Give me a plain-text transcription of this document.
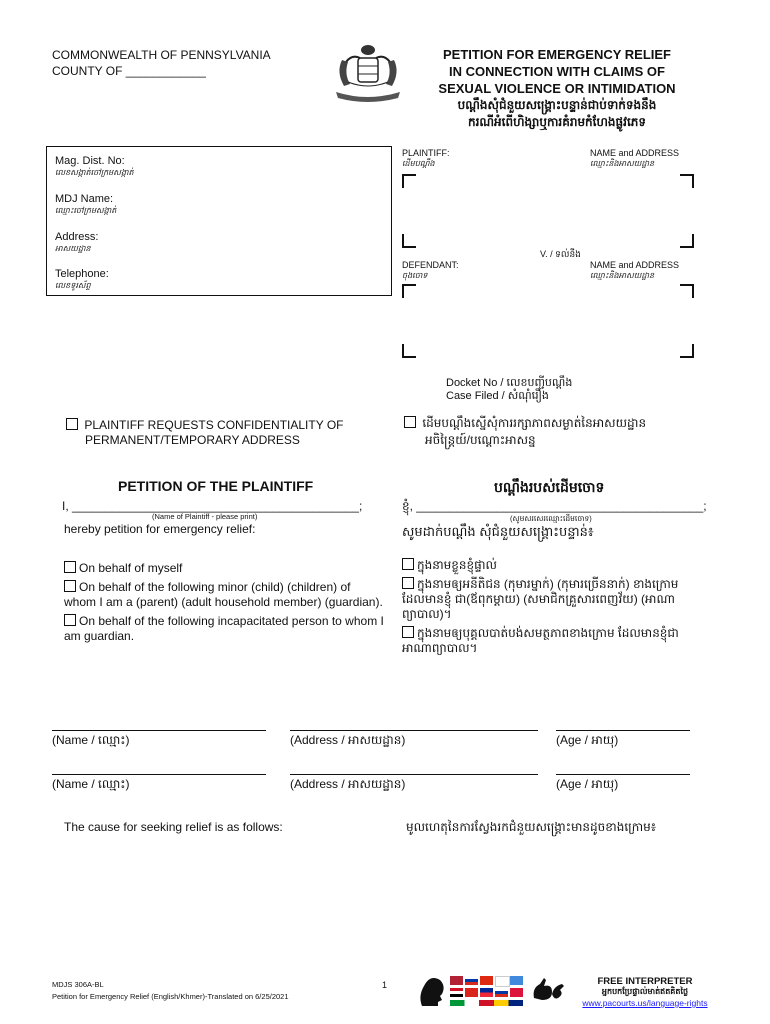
COMMONWEALTH OF PENNSYLVANIA
COUNTY OF ____________
PETITION FOR EMERGENCY RELIEF
IN CONNECTION WITH CLAIMS OF
SEXUAL VIOLENCE OR INTIMIDATION
បណ្តឹងសុំជំនួយសង្គ្រោះបន្ទាន់ជាប់ទាក់ទងនឹង
ករណីអំពើហិង្សាឬការគំរាមកំហែងផ្លូវភេទ
Mag. Dist. No:
លេខសង្កាត់ចៅក្រមសង្កាត់
MDJ Name:
ឈ្មោះចៅក្រមសង្កាត់
Address:
អាសយដ្ឋាន
Telephone:
លេខទូរស័ព្ទ
PLAINTIFF:
ដើមបណ្តឹង
NAME and ADDRESS
ឈ្មោះនិងអាសយដ្ឋាន
V. / ទល់នឹង
DEFENDANT:
ចុងចោទ
NAME and ADDRESS
ឈ្មោះនិងអាសយដ្ឋាន
Docket No / លេខបញ្ជីបណ្តឹង
Case Filed / សំណុំរឿង
PLAINTIFF REQUESTS CONFIDENTIALITY OF
PERMANENT/TEMPORARY ADDRESS
ដើមបណ្តឹងស្នើសុំការរក្សាភាពសម្ងាត់នៃអាសយដ្ឋាន
អចិន្ត្រៃយ៍/បណ្តោះអាសន្ន
PETITION OF THE PLAINTIFF	បណ្តឹងរបស់ដើមចោទ
I, ___________________________________________;
(Name of Plaintiff - please print)
hereby petition for emergency relief:
ខ្ញុំ, ___________________________________________;
(សូមសរសេរឈ្មោះដើមចោទ)
សូមដាក់បណ្តឹង សុំជំនួយសង្គ្រោះបន្ទាន់៖
On behalf of myself
On behalf of the following minor (child) (children) of whom I am a (parent) (adult household member) (guardian).
On behalf of the following incapacitated person to whom I am guardian.
ក្នុងនាមខ្លួនខ្ញុំផ្ទាល់
ក្នុងនាមឲ្យអនីតិជន (កុមារម្នាក់) (កុមារច្រើននាក់) ខាងក្រោម ដែលមានខ្ញុំ ជា(ឪពុកម្តាយ) (សមាជិកគ្រួសារពេញវ័យ) (អាណាព្យាបាល)។
ក្នុងនាមឲ្យបុគ្គលបាត់បង់សមត្ថភាពខាងក្រោម ដែលមានខ្ញុំជាអាណាព្យាបាល។
(Name / ឈ្មោះ)	(Address / អាសយដ្ឋាន)	(Age / អាយុ)
(Name / ឈ្មោះ)	(Address / អាសយដ្ឋាន)	(Age / អាយុ)
The cause for seeking relief is as follows:	មូលហេតុនៃការស្វែងរកជំនួយសង្គ្រោះមានដូចខាងក្រោម៖
MDJS 306A-BL
Petition for Emergency Relief (English/Khmer)-Translated on 6/25/2021
1	FREE INTERPRETER
អ្នកបកប្រែផ្ទាល់មាត់ឥតគិតថ្លៃ
www.pacourts.us/language-rights
